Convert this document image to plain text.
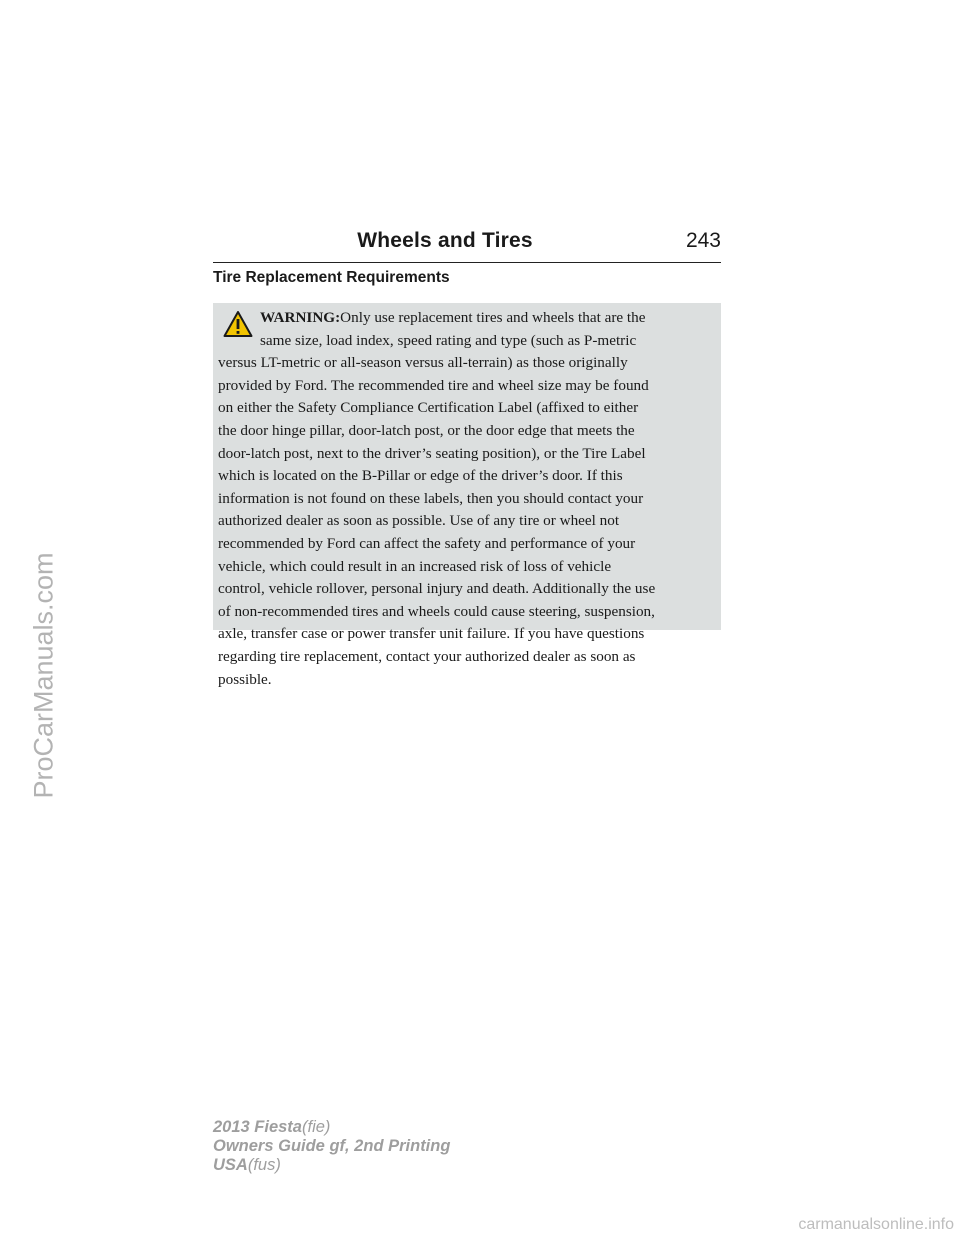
Wheels and Tires	243
Tire Replacement Requirements

WARNING:Only use replacement tires and wheels that are the
same size, load index, speed rating and type (such as P-metric
versus LT-metric or all-season versus all-terrain) as those originally
provided by Ford. The recommended tire and wheel size may be found
on either the Safety Compliance Certification Label (affixed to either
the door hinge pillar, door-latch post, or the door edge that meets the
door-latch post, next to the driver’s seating position), or the Tire Label
which is located on the B-Pillar or edge of the driver’s door. If this
information is not found on these labels, then you should contact your
authorized dealer as soon as possible. Use of any tire or wheel not
recommended by Ford can affect the safety and performance of your
vehicle, which could result in an increased risk of loss of vehicle
control, vehicle rollover, personal injury and death. Additionally the use
of non-recommended tires and wheels could cause steering, suspension,
axle, transfer case or power transfer unit failure. If you have questions
regarding tire replacement, contact your authorized dealer as soon as
possible.

ProCarManuals.com
2013 Fiesta(fie)
Owners Guide gf, 2nd Printing
USA(fus)
carmanualsonline.info
